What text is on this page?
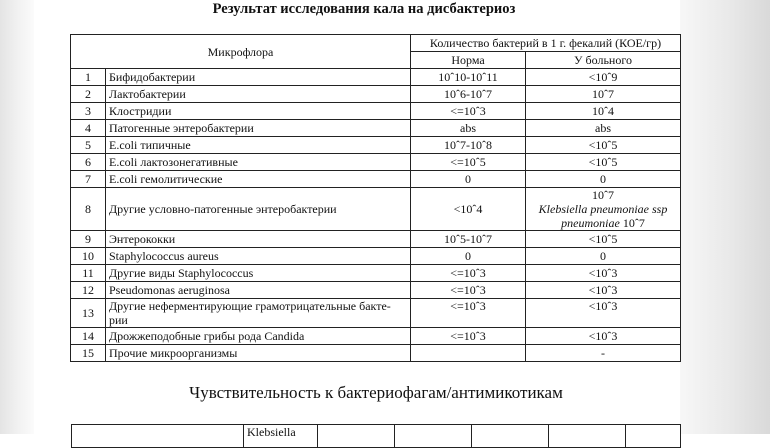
Результат исследования кала на дисбактериоз
Микрофлора		Количество бактерий в 1 г. фекалий (КОЕ/гр)	
		Норма	У больного
1	Бифидобактерии	10ˆ10-10ˆ11	<10ˆ9
2	Лактобактерии	10ˆ6-10ˆ7	10ˆ7
3	Клостридии	<=10ˆ3	10ˆ4
4	Патогенные энтеробактерии	abs	abs
5	E.coli типичные	10ˆ7-10ˆ8	<10ˆ5
6	E.coli лактозонегативные	<=10ˆ5	<10ˆ5
7	E.coli гемолитические	0	0
8	Другие условно-патогенные энтеробактерии	<10ˆ4	10ˆ7
Klebsiella pneumoniae ssp pneumoniae 10ˆ7

9	Энтерококки	10ˆ5-10ˆ7	<10ˆ5
10	Staphylococcus aureus	0	0
11	Другие виды Staphylococcus	<=10ˆ3	<10ˆ3
12	Pseudomonas aeruginosa	<=10ˆ3	<10ˆ3
13	Другие неферментирующие грамотрицательные бакте-
рии	<=10ˆ3	<10ˆ3
14	Дрожжеподобные грибы рода Candida	<=10ˆ3	<10ˆ3
15	Прочие микроорганизмы		-
Чувствительность к бактериофагам/антимикотикам
	Klebsiella					
